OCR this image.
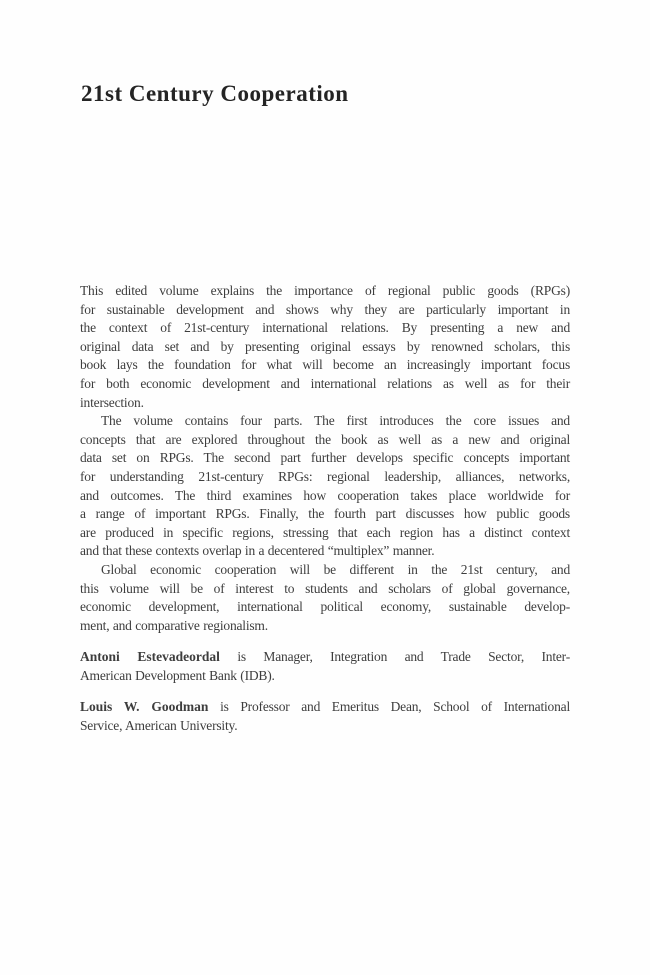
21st Century Cooperation
This edited volume explains the importance of regional public goods (RPGs)
for sustainable development and shows why they are particularly important in
the context of 21st-century international relations. By presenting a new and
original data set and by presenting original essays by renowned scholars, this
book lays the foundation for what will become an increasingly important focus
for both economic development and international relations as well as for their
intersection.
The volume contains four parts. The first introduces the core issues and
concepts that are explored throughout the book as well as a new and original
data set on RPGs. The second part further develops specific concepts important
for understanding 21st-century RPGs: regional leadership, alliances, networks,
and outcomes. The third examines how cooperation takes place worldwide for
a range of important RPGs. Finally, the fourth part discusses how public goods
are produced in specific regions, stressing that each region has a distinct context
and that these contexts overlap in a decentered “multiplex” manner.
Global economic cooperation will be different in the 21st century, and
this volume will be of interest to students and scholars of global governance,
economic development, international political economy, sustainable develop-
ment, and comparative regionalism.
Antoni Estevadeordal is Manager, Integration and Trade Sector, Inter-
American Development Bank (IDB).
Louis W. Goodman is Professor and Emeritus Dean, School of International
Service, American University.
